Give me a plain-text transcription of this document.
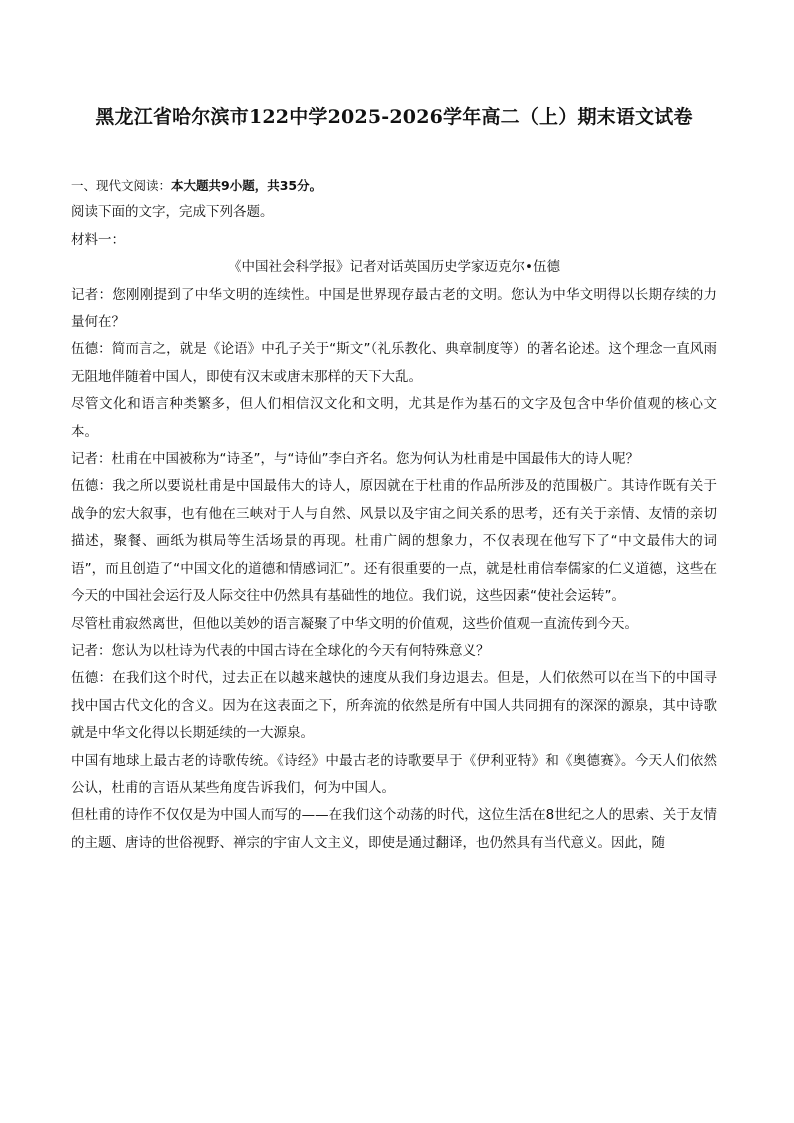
黑龙江省哈尔滨市122中学2025-2026学年高二（上）期末语文试卷

一、现代文阅读：本大题共9小题，共35分。

阅读下面的文字，完成下列各题。

材料一：

《中国社会科学报》记者对话英国历史学家迈克尔•伍德

记者：您刚刚提到了中华文明的连续性。中国是世界现存最古老的文明。您认为中华文明得以长期存续的力量何在？

伍德：简而言之，就是《论语》中孔子关于“斯文”（礼乐教化、典章制度等）的著名论述。这个理念一直风雨无阻地伴随着中国人，即使有汉末或唐末那样的天下大乱。

尽管文化和语言种类繁多，但人们相信汉文化和文明，尤其是作为基石的文字及包含中华价值观的核心文本。

记者：杜甫在中国被称为“诗圣”，与“诗仙”李白齐名。您为何认为杜甫是中国最伟大的诗人呢？

伍德：我之所以要说杜甫是中国最伟大的诗人，原因就在于杜甫的作品所涉及的范围极广。其诗作既有关于战争的宏大叙事，也有他在三峡对于人与自然、风景以及宇宙之间关系的思考，还有关于亲情、友情的亲切描述，聚餐、画纸为棋局等生活场景的再现。杜甫广阔的想象力，不仅表现在他写下了“中文最伟大的词语”，而且创造了“中国文化的道德和情感词汇”。还有很重要的一点，就是杜甫信奉儒家的仁义道德，这些在今天的中国社会运行及人际交往中仍然具有基础性的地位。我们说，这些因素“使社会运转”。

尽管杜甫寂然离世，但他以美妙的语言凝聚了中华文明的价值观，这些价值观一直流传到今天。

记者：您认为以杜诗为代表的中国古诗在全球化的今天有何特殊意义？

伍德：在我们这个时代，过去正在以越来越快的速度从我们身边退去。但是，人们依然可以在当下的中国寻找中国古代文化的含义。因为在这表面之下，所奔流的依然是所有中国人共同拥有的深深的源泉，其中诗歌就是中华文化得以长期延续的一大源泉。

中国有地球上最古老的诗歌传统。《诗经》中最古老的诗歌要早于《伊利亚特》和《奥德赛》。今天人们依然公认，杜甫的言语从某些角度告诉我们，何为中国人。

但杜甫的诗作不仅仅是为中国人而写的——在我们这个动荡的时代，这位生活在8世纪之人的思索、关于友情的主题、唐诗的世俗视野、禅宗的宇宙人文主义，即使是通过翻译，也仍然具有当代意义。因此，随
